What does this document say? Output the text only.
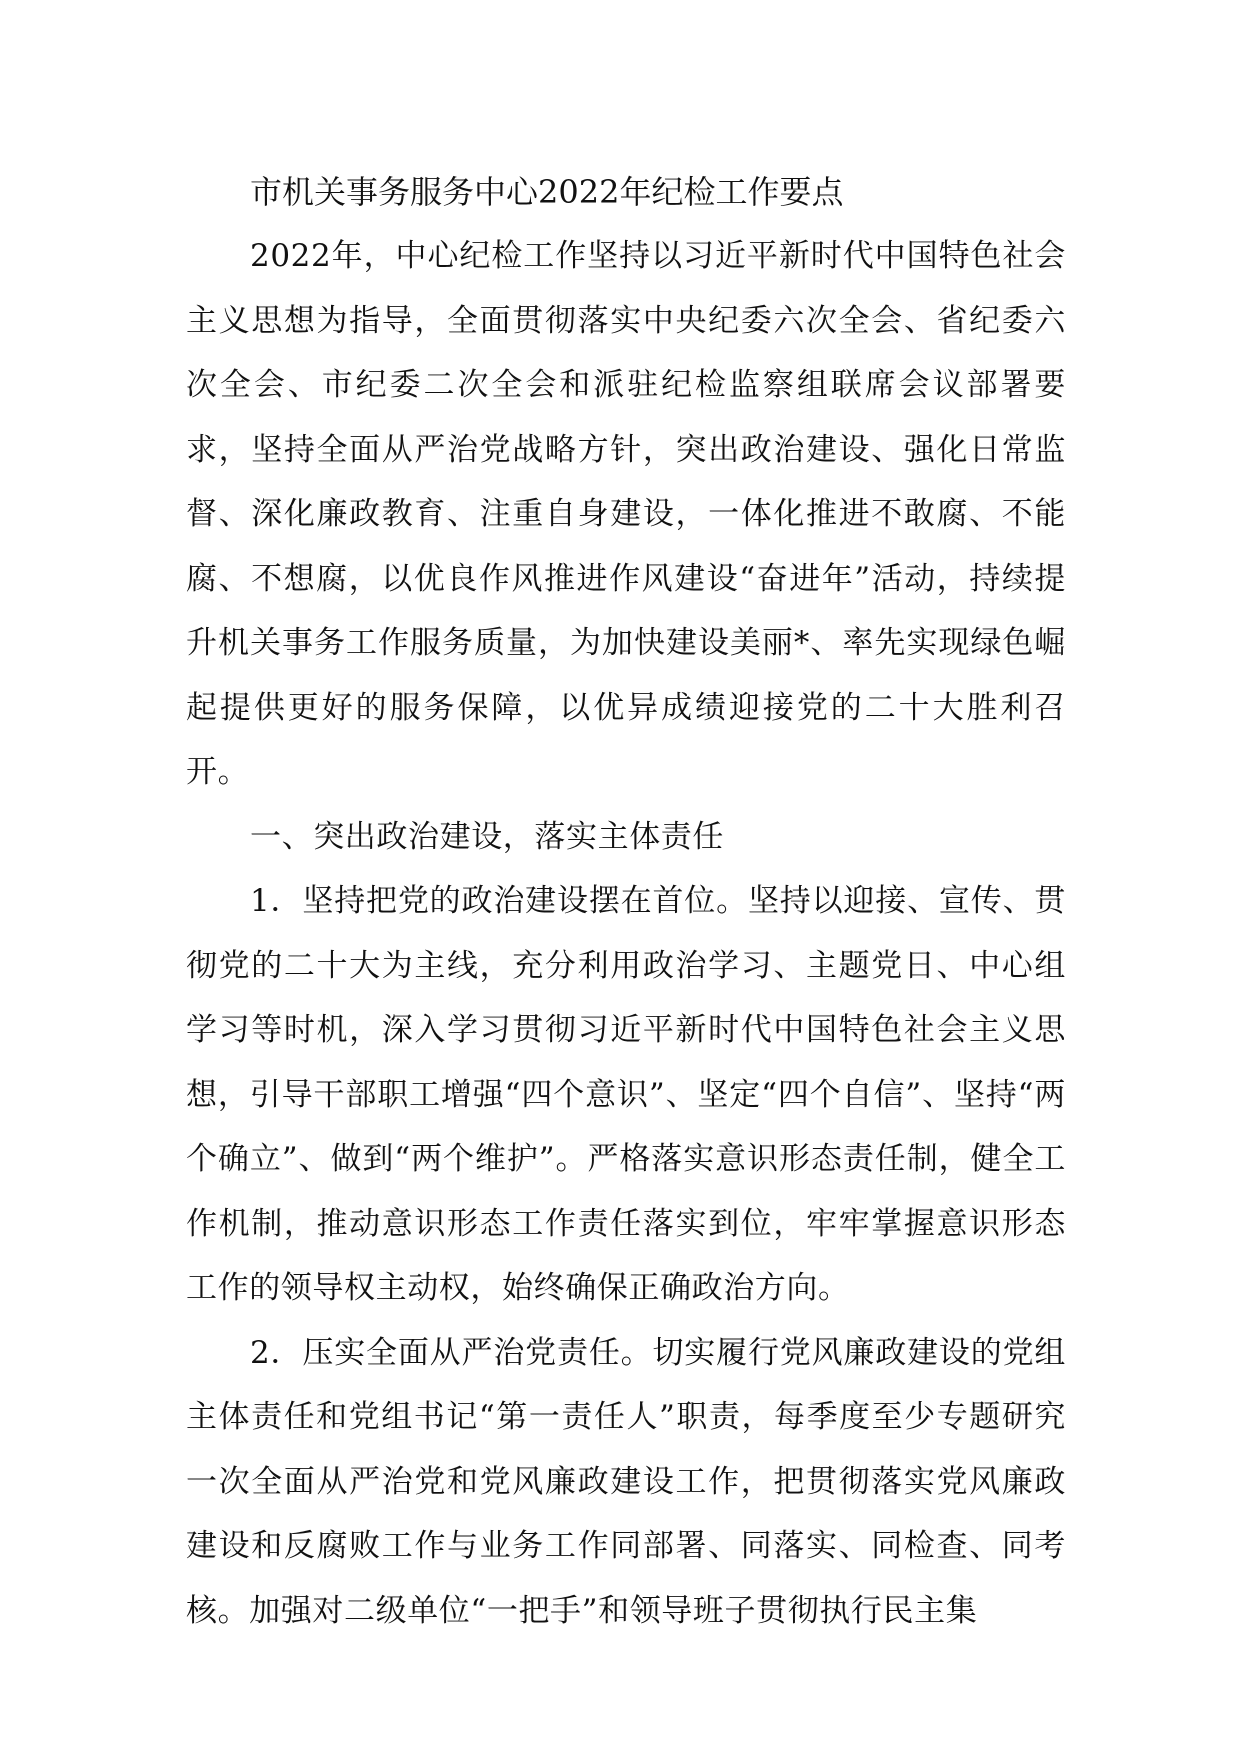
市机关事务服务中心2022年纪检工作要点

2022年，中心纪检工作坚持以习近平新时代中国特色社会主义思想为指导，全面贯彻落实中央纪委六次全会、省纪委六次全会、市纪委二次全会和派驻纪检监察组联席会议部署要求，坚持全面从严治党战略方针，突出政治建设、强化日常监督、深化廉政教育、注重自身建设，一体化推进不敢腐、不能腐、不想腐，以优良作风推进作风建设“奋进年”活动，持续提升机关事务工作服务质量，为加快建设美丽*、率先实现绿色崛起提供更好的服务保障，以优异成绩迎接党的二十大胜利召开。

一、突出政治建设，落实主体责任

1．坚持把党的政治建设摆在首位。坚持以迎接、宣传、贯彻党的二十大为主线，充分利用政治学习、主题党日、中心组学习等时机，深入学习贯彻习近平新时代中国特色社会主义思想，引导干部职工增强“四个意识”、坚定“四个自信”、坚持“两个确立”、做到“两个维护”。严格落实意识形态责任制，健全工作机制，推动意识形态工作责任落实到位，牢牢掌握意识形态工作的领导权主动权，始终确保正确政治方向。

2．压实全面从严治党责任。切实履行党风廉政建设的党组主体责任和党组书记“第一责任人”职责，每季度至少专题研究一次全面从严治党和党风廉政建设工作，把贯彻落实党风廉政建设和反腐败工作与业务工作同部署、同落实、同检查、同考核。加强对二级单位“一把手”和领导班子贯彻执行民主集
